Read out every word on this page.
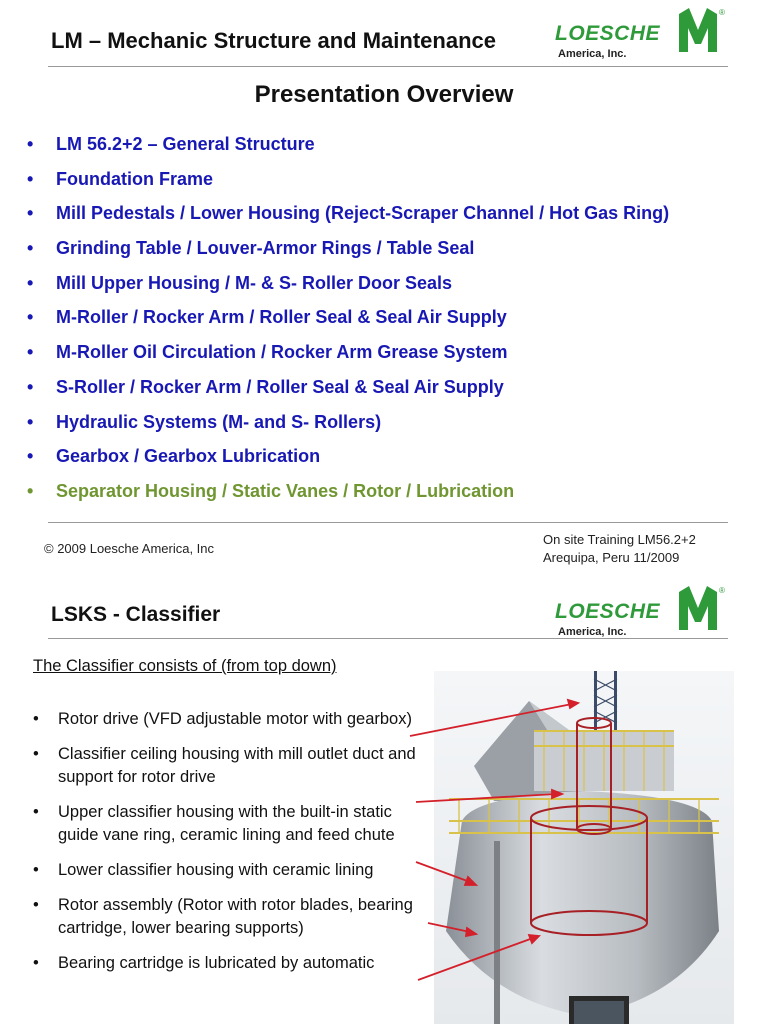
LM – Mechanic Structure and Maintenance	LOESCHE
America, Inc.
®
Presentation Overview
• LM 56.2+2 – General Structure
• Foundation Frame
• Mill Pedestals / Lower Housing (Reject-Scraper Channel / Hot Gas Ring)
• Grinding Table / Louver-Armor Rings / Table Seal
• Mill Upper Housing / M- & S- Roller Door Seals
• M-Roller / Rocker Arm / Roller Seal & Seal Air Supply
• M-Roller Oil Circulation / Rocker Arm Grease System
• S-Roller / Rocker Arm / Roller Seal & Seal Air Supply
• Hydraulic Systems (M- and S- Rollers)
• Gearbox / Gearbox Lubrication
• Separator Housing / Static Vanes / Rotor / Lubrication
© 2009 Loesche America, Inc
On site Training LM56.2+2
Arequipa, Peru 11/2009
LSKS - Classifier	LOESCHE
America, Inc.
®
The Classifier consists of (from top down)
• Rotor drive (VFD adjustable motor with gearbox)
• Classifier ceiling housing with mill outlet duct and support for rotor drive
• Upper classifier housing with the built-in static guide vane ring, ceramic lining and feed chute
• Lower classifier housing with ceramic lining
• Rotor assembly (Rotor with rotor blades, bearing cartridge, lower bearing supports)
• Bearing cartridge is lubricated by automatic
